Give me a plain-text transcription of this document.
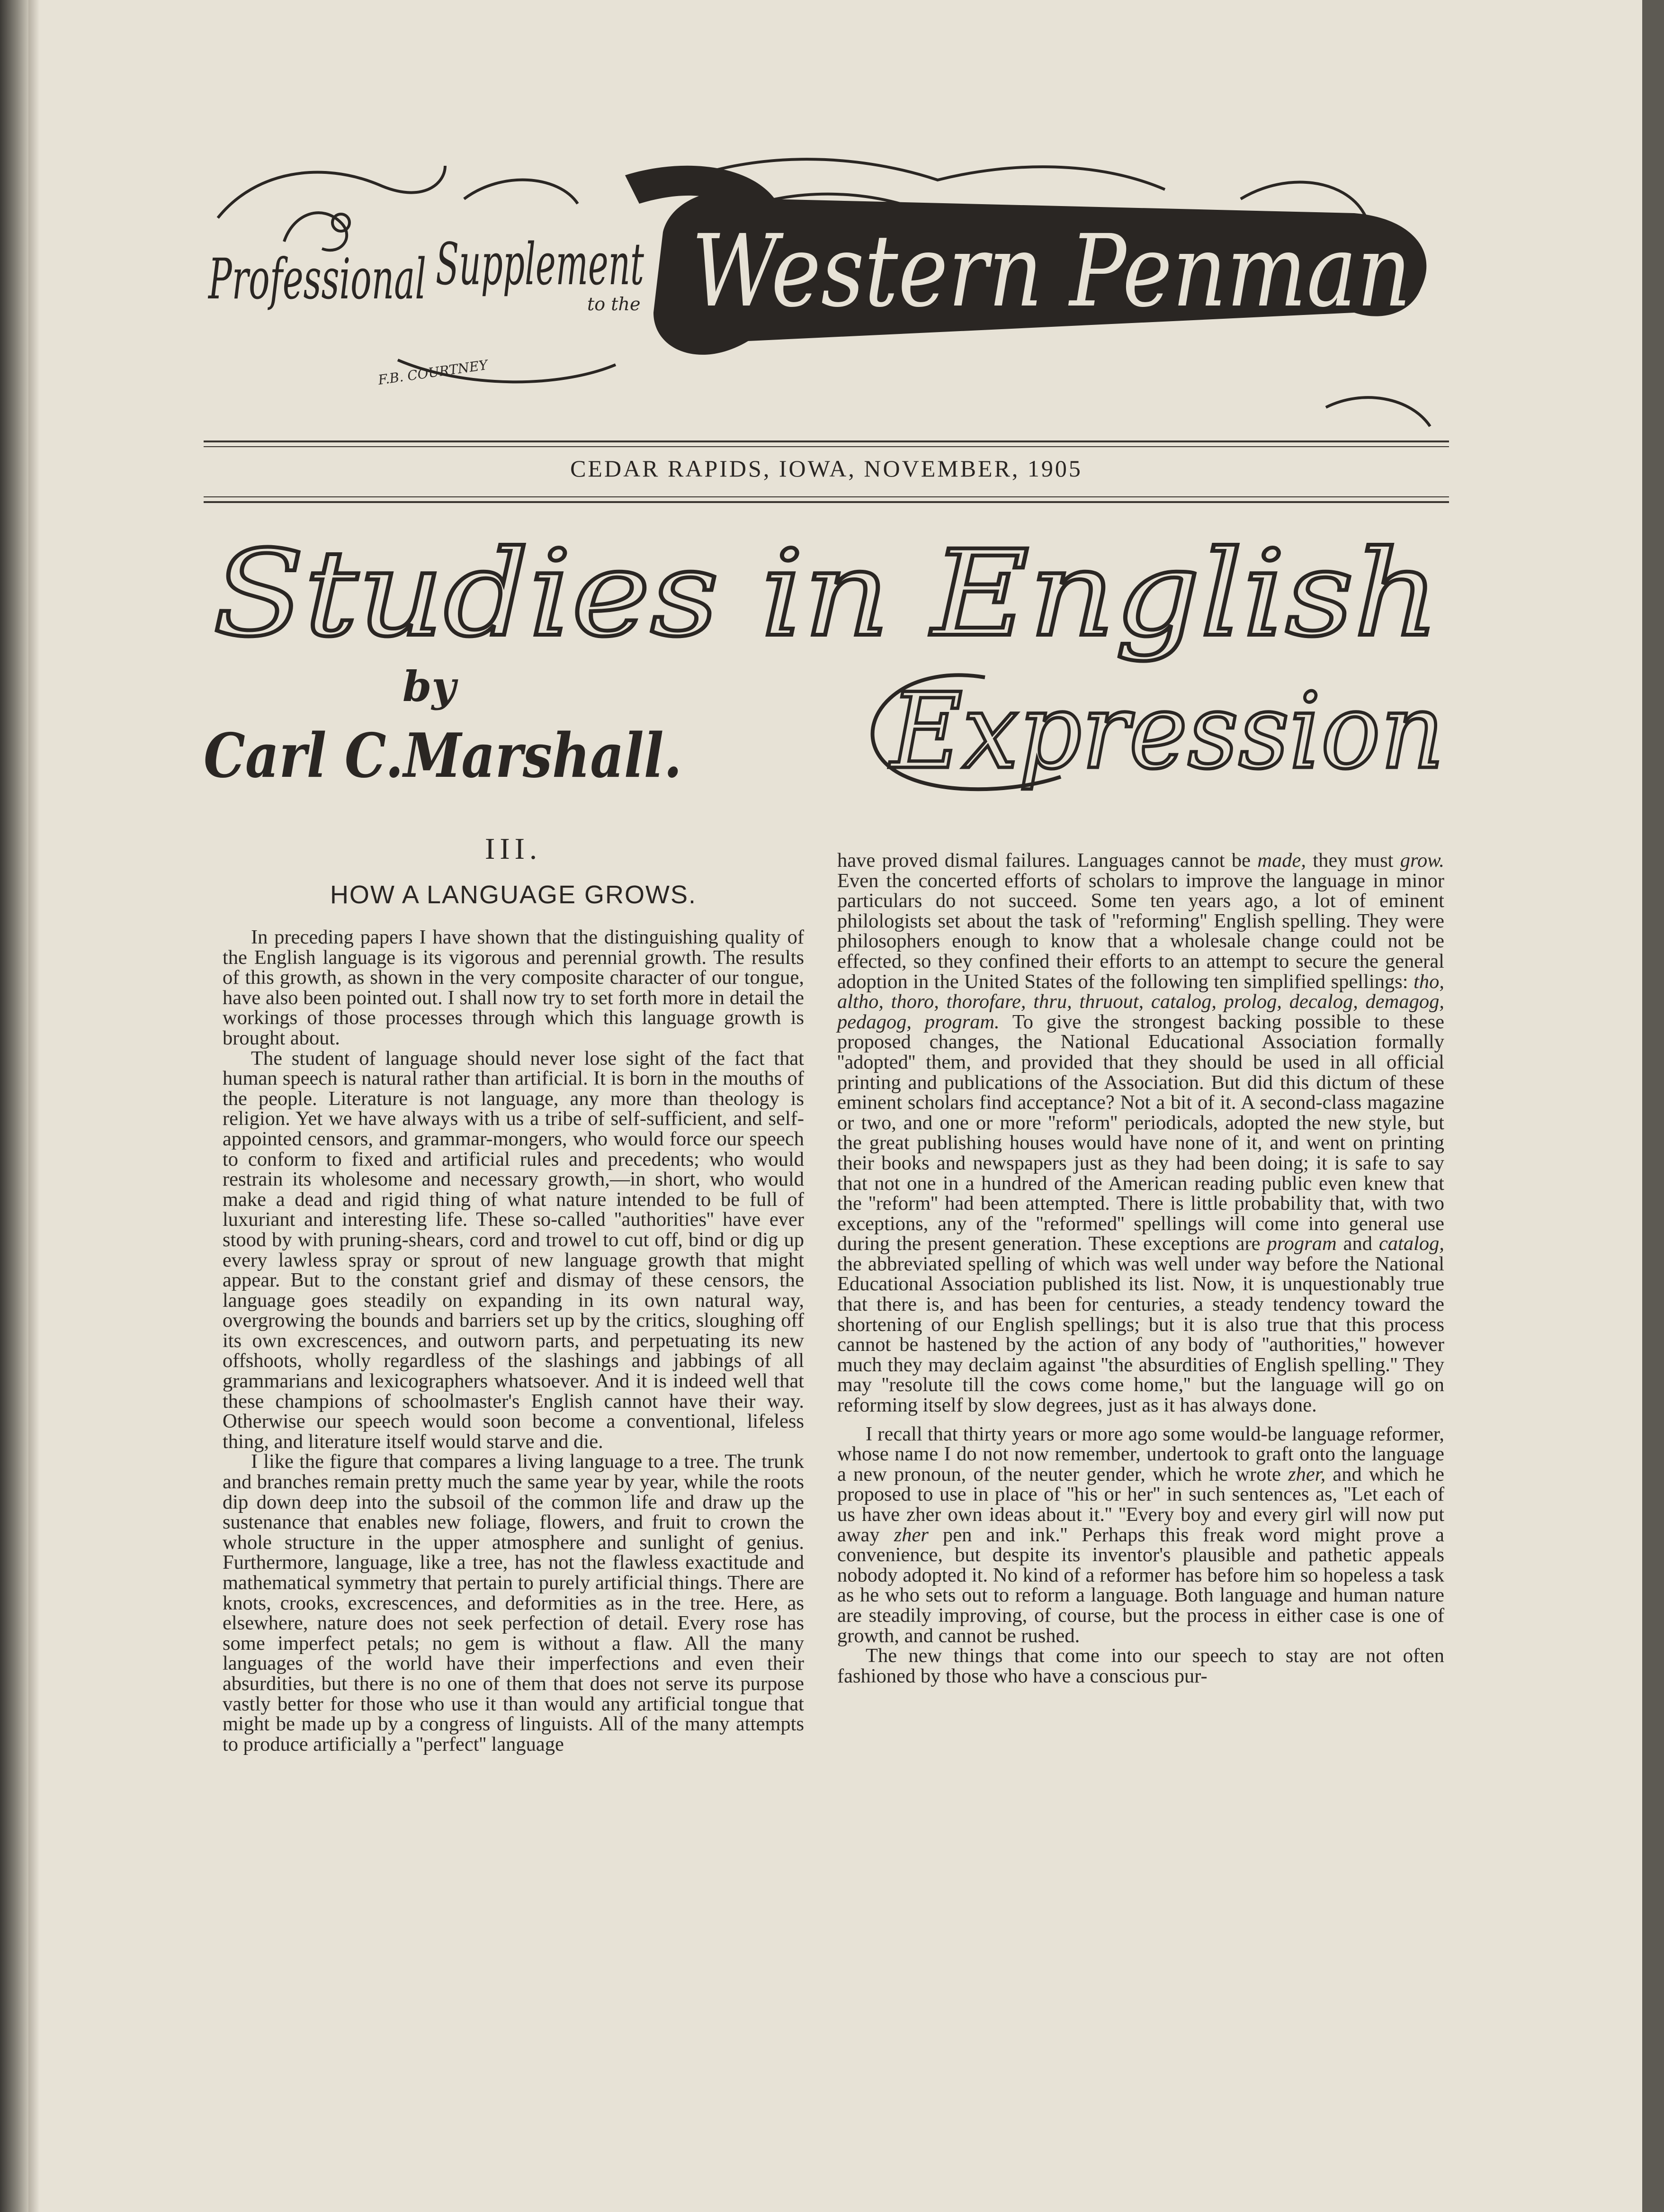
Professional Supplement
to the Western Penman
F.B. COURTNEY
CEDAR RAPIDS, IOWA, NOVEMBER, 1905
Studies in English
Expression
by
Carl C.Marshall.
III.
HOW A LANGUAGE GROWS.

In preceding papers I have shown that the distinguishing quality of the English language is its vigorous and perennial growth. The results of this growth, as shown in the very composite character of our tongue, have also been pointed out. I shall now try to set forth more in detail the workings of those processes through which this language growth is brought about.

The student of language should never lose sight of the fact that human speech is natural rather than artificial. It is born in the mouths of the people. Literature is not language, any more than theology is religion. Yet we have always with us a tribe of self-sufficient, and self-appointed censors, and grammar-mongers, who would force our speech to conform to fixed and artificial rules and precedents; who would restrain its wholesome and necessary growth,—in short, who would make a dead and rigid thing of what nature intended to be full of luxuriant and interesting life. These so-called ''authorities'' have ever stood by with pruning-shears, cord and trowel to cut off, bind or dig up every lawless spray or sprout of new language growth that might appear. But to the constant grief and dismay of these censors, the language goes steadily on expanding in its own natural way, overgrowing the bounds and barriers set up by the critics, sloughing off its own excrescences, and outworn parts, and perpetuating its new offshoots, wholly regardless of the slashings and jabbings of all grammarians and lexicographers whatsoever. And it is indeed well that these champions of schoolmaster's English cannot have their way. Otherwise our speech would soon become a conventional, lifeless thing, and literature itself would starve and die.

I like the figure that compares a living language to a tree. The trunk and branches remain pretty much the same year by year, while the roots dip down deep into the subsoil of the common life and draw up the sustenance that enables new foliage, flowers, and fruit to crown the whole structure in the upper atmosphere and sunlight of genius. Furthermore, language, like a tree, has not the flawless exactitude and mathematical symmetry that pertain to purely artificial things. There are knots, crooks, excrescences, and deformities as in the tree. Here, as elsewhere, nature does not seek perfection of detail. Every rose has some imperfect petals; no gem is without a flaw. All the many languages of the world have their imperfections and even their absurdities, but there is no one of them that does not serve its purpose vastly better for those who use it than would any artificial tongue that might be made up by a congress of linguists. All of the many attempts to produce artificially a ''perfect'' language

have proved dismal failures. Languages cannot be made, they must grow. Even the concerted efforts of scholars to improve the language in minor particulars do not succeed. Some ten years ago, a lot of eminent philologists set about the task of ''reforming'' English spelling. They were philosophers enough to know that a wholesale change could not be effected, so they confined their efforts to an attempt to secure the general adoption in the United States of the following ten simplified spellings: tho, altho, thoro, thorofare, thru, thruout, catalog, prolog, decalog, demagog, pedagog, program. To give the strongest backing possible to these proposed changes, the National Educational Association formally ''adopted'' them, and provided that they should be used in all official printing and publications of the Association. But did this dictum of these eminent scholars find acceptance? Not a bit of it. A second-class magazine or two, and one or more ''reform'' periodicals, adopted the new style, but the great publishing houses would have none of it, and went on printing their books and newspapers just as they had been doing; it is safe to say that not one in a hundred of the American reading public even knew that the ''reform'' had been attempted. There is little probability that, with two exceptions, any of the ''reformed'' spellings will come into general use during the present generation. These exceptions are program and catalog, the abbreviated spelling of which was well under way before the National Educational Association published its list. Now, it is unquestionably true that there is, and has been for centuries, a steady tendency toward the shortening of our English spellings; but it is also true that this process cannot be hastened by the action of any body of ''authorities,'' however much they may declaim against ''the absurdities of English spelling.'' They may ''resolute till the cows come home,'' but the language will go on reforming itself by slow degrees, just as it has always done.

I recall that thirty years or more ago some would-be language reformer, whose name I do not now remember, undertook to graft onto the language a new pronoun, of the neuter gender, which he wrote zher, and which he proposed to use in place of ''his or her'' in such sentences as, ''Let each of us have zher own ideas about it.'' ''Every boy and every girl will now put away zher pen and ink.'' Perhaps this freak word might prove a convenience, but despite its inventor's plausible and pathetic appeals nobody adopted it. No kind of a reformer has before him so hopeless a task as he who sets out to reform a language. Both language and human nature are steadily improving, of course, but the process in either case is one of growth, and cannot be rushed.

The new things that come into our speech to stay are not often fashioned by those who have a conscious pur-
